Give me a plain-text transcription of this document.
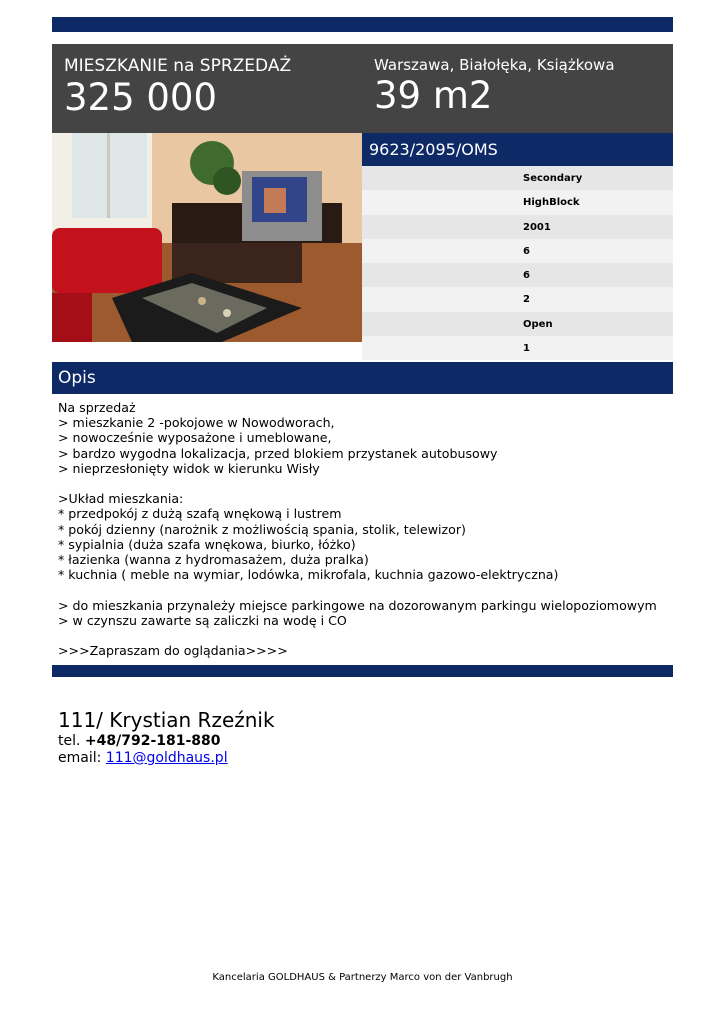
MIESZKANIE na SPRZEDAŻ
325 000
Warszawa, Białołęka, Książkowa
39 m2
9623/2095/OMS
Secondary
HighBlock
2001
6
6
2
Open
1
Opis
Na sprzedaż
> mieszkanie 2 -pokojowe w Nowodworach,
> nowocześnie wyposażone i umeblowane,
> bardzo wygodna lokalizacja, przed blokiem przystanek autobusowy
> nieprzesłonięty widok w kierunku Wisły
>Układ mieszkania:
* przedpokój z dużą szafą wnękową i lustrem
* pokój dzienny (narożnik z możliwością spania, stolik, telewizor)
* sypialnia (duża szafa wnękowa, biurko, łóżko)
* łazienka (wanna z hydromasażem, duża pralka)
* kuchnia ( meble na wymiar, lodówka, mikrofala, kuchnia gazowo-elektryczna)
> do mieszkania przynależy miejsce parkingowe na dozorowanym parkingu wielopoziomowym
> w czynszu zawarte są zaliczki na wodę i CO
>>>Zapraszam do oglądania>>>>
111/ Krystian Rzeźnik
tel. +48/792-181-880
email: 111@goldhaus.pl
Kancelaria GOLDHAUS & Partnerzy Marco von der Vanbrugh
